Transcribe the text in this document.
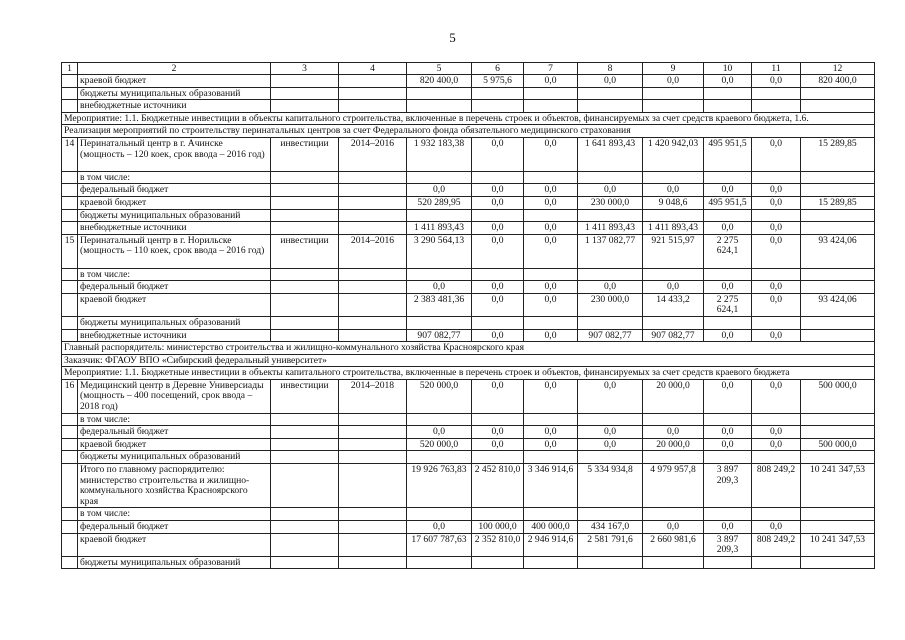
5
1	2	3	4	5	6	7	8	9	10	11	12
	краевой бюджет			820 400,0	5 975,6	0,0	0,0	0,0	0,0	0,0	820 400,0
	бюджеты муниципальных образований										
	внебюджетные источники										
Мероприятие: 1.1. Бюджетные инвестиции в объекты капитального строительства, включенные в перечень строек и объектов, финансируемых за счет средств краевого бюджета, 1.6.											
Реализация мероприятий по строительству перинатальных центров за счет Федерального фонда обязательного медицинского страхования											
14	Перинатальный центр в г. Ачинске (мощность – 120 коек, срок ввода – 2016 год)	инвестиции	2014–2016	1 932 183,38	0,0	0,0	1 641 893,43	1 420 942,03	495 951,5	0,0	15 289,85
	в том числе:										
	федеральный бюджет			0,0	0,0	0,0	0,0	0,0	0,0	0,0	
	краевой бюджет			520 289,95	0,0	0,0	230 000,0	9 048,6	495 951,5	0,0	15 289,85
	бюджеты муниципальных образований										
	внебюджетные источники			1 411 893,43	0,0	0,0	1 411 893,43	1 411 893,43	0,0	0,0	
15	Перинатальный центр в г. Норильске (мощность – 110 коек, срок ввода – 2016 год)	инвестиции	2014–2016	3 290 564,13	0,0	0,0	1 137 082,77	921 515,97	2 275 624,1	0,0	93 424,06
	в том числе:										
	федеральный бюджет			0,0	0,0	0,0	0,0	0,0	0,0	0,0	
	краевой бюджет			2 383 481,36	0,0	0,0	230 000,0	14 433,2	2 275 624,1	0,0	93 424,06
	бюджеты муниципальных образований										
	внебюджетные источники			907 082,77	0,0	0,0	907 082,77	907 082,77	0,0	0,0	
Главный распорядитель: министерство строительства и жилищно-коммунального хозяйства Красноярского края											
Заказчик: ФГАОУ ВПО «Сибирский федеральный университет»											
Мероприятие: 1.1. Бюджетные инвестиции в объекты капитального строительства, включенные в перечень строек и объектов, финансируемых за счет средств краевого бюджета											
16	Медицинский центр в Деревне Универсиады (мощность – 400 посещений, срок ввода – 2018 год)	инвестиции	2014–2018	520 000,0	0,0	0,0	0,0	20 000,0	0,0	0,0	500 000,0
	в том числе:										
	федеральный бюджет			0,0	0,0	0,0	0,0	0,0	0,0	0,0	
	краевой бюджет			520 000,0	0,0	0,0	0,0	20 000,0	0,0	0,0	500 000,0
	бюджеты муниципальных образований										
	Итого по главному распорядителю: министерство строительства и жилищно-коммунального хозяйства Красноярского края			19 926 763,83	2 452 810,0	3 346 914,6	5 334 934,8	4 979 957,8	3 897 209,3	808 249,2	10 241 347,53
	в том числе:										
	федеральный бюджет			0,0	100 000,0	400 000,0	434 167,0	0,0	0,0	0,0	
	краевой бюджет			17 607 787,63	2 352 810,0	2 946 914,6	2 581 791,6	2 660 981,6	3 897 209,3	808 249,2	10 241 347,53
	бюджеты муниципальных образований										
